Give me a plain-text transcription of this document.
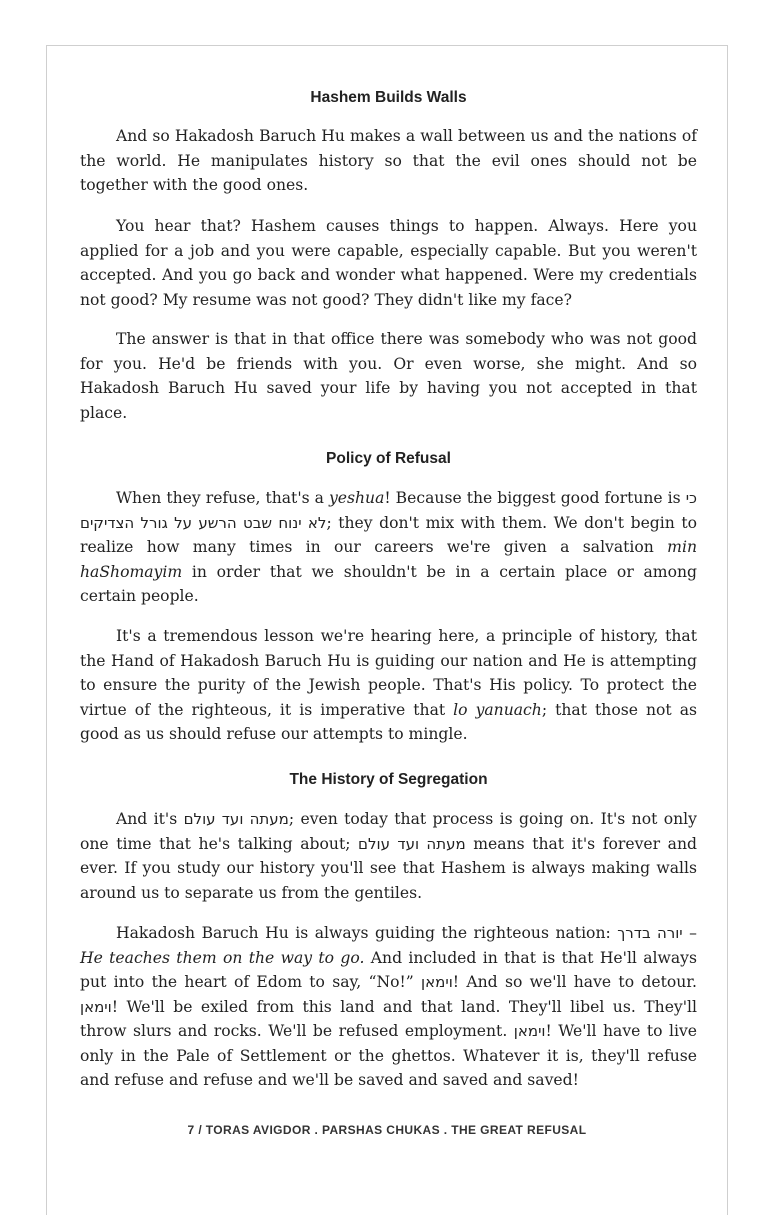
Hashem Builds Walls

And so Hakadosh Baruch Hu makes a wall between us and the nations of the world. He manipulates history so that the evil ones should not be together with the good ones.

You hear that? Hashem causes things to happen. Always. Here you applied for a job and you were capable, especially capable. But you weren't accepted. And you go back and wonder what happened. Were my credentials not good? My resume was not good? They didn't like my face?

The answer is that in that office there was somebody who was not good for you. He'd be friends with you. Or even worse, she might. And so Hakadosh Baruch Hu saved your life by having you not accepted in that place.

Policy of Refusal

When they refuse, that's a yeshua! Because the biggest good fortune is כי לא ינוח שבט הרשע על גורל הצדיקים; they don't mix with them. We don't begin to realize how many times in our careers we're given a salvation min haShomayim in order that we shouldn't be in a certain place or among certain people.

It's a tremendous lesson we're hearing here, a principle of history, that the Hand of Hakadosh Baruch Hu is guiding our nation and He is attempting to ensure the purity of the Jewish people. That's His policy. To protect the virtue of the righteous, it is imperative that lo yanuach; that those not as good as us should refuse our attempts to mingle.

The History of Segregation

And it's מעתה ועד עולם; even today that process is going on. It's not only one time that he's talking about; מעתה ועד עולם means that it's forever and ever. If you study our history you'll see that Hashem is always making walls around us to separate us from the gentiles.

Hakadosh Baruch Hu is always guiding the righteous nation: יורה בדרך – He teaches them on the way to go. And included in that is that He'll always put into the heart of Edom to say, “No!” וימאן! And so we'll have to detour. וימאן! We'll be exiled from this land and that land. They'll libel us. They'll throw slurs and rocks. We'll be refused employment. וימאן! We'll have to live only in the Pale of Settlement or the ghettos. Whatever it is, they'll refuse and refuse and refuse and we'll be saved and saved and saved!

7 / TORAS AVIGDOR . PARSHAS CHUKAS . THE GREAT REFUSAL
